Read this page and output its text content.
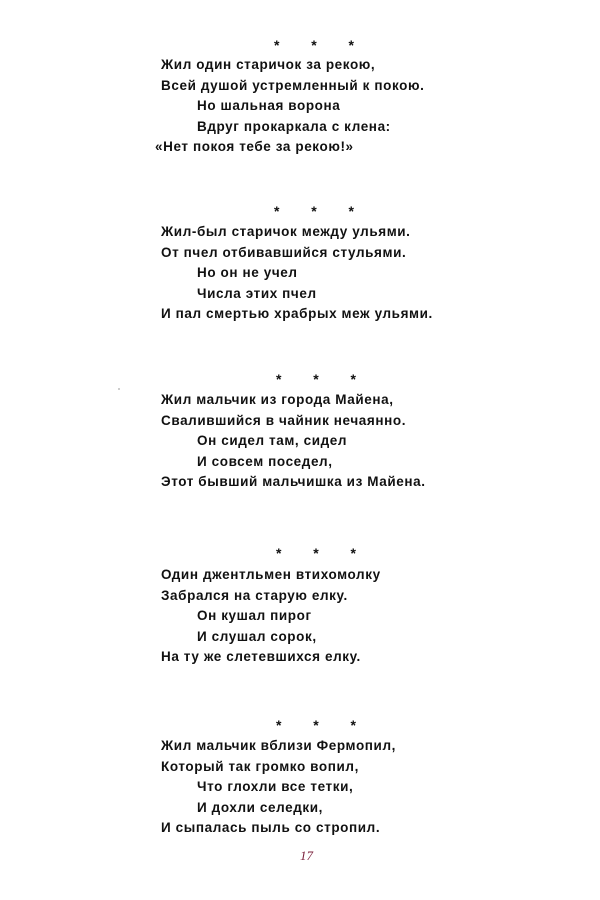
* * *
Жил один старичок за рекою,
Всей душой устремленный к покою.
Но шальная ворона
Вдруг прокаркала с клена:
«Нет покоя тебе за рекою!»
* * *
Жил-был старичок между ульями.
От пчел отбивавшийся стульями.
Но он не учел
Числа этих пчел
И пал смертью храбрых меж ульями.
* * *
Жил мальчик из города Майена,
Свалившийся в чайник нечаянно.
Он сидел там, сидел
И совсем поседел,
Этот бывший мальчишка из Майена.
* * *
Один джентльмен втихомолку
Забрался на старую елку.
Он кушал пирог
И слушал сорок,
На ту же слетевшихся елку.
* * *
Жил мальчик вблизи Фермопил,
Который так громко вопил,
Что глохли все тетки,
И дохли селедки,
И сыпалась пыль со стропил.
17
